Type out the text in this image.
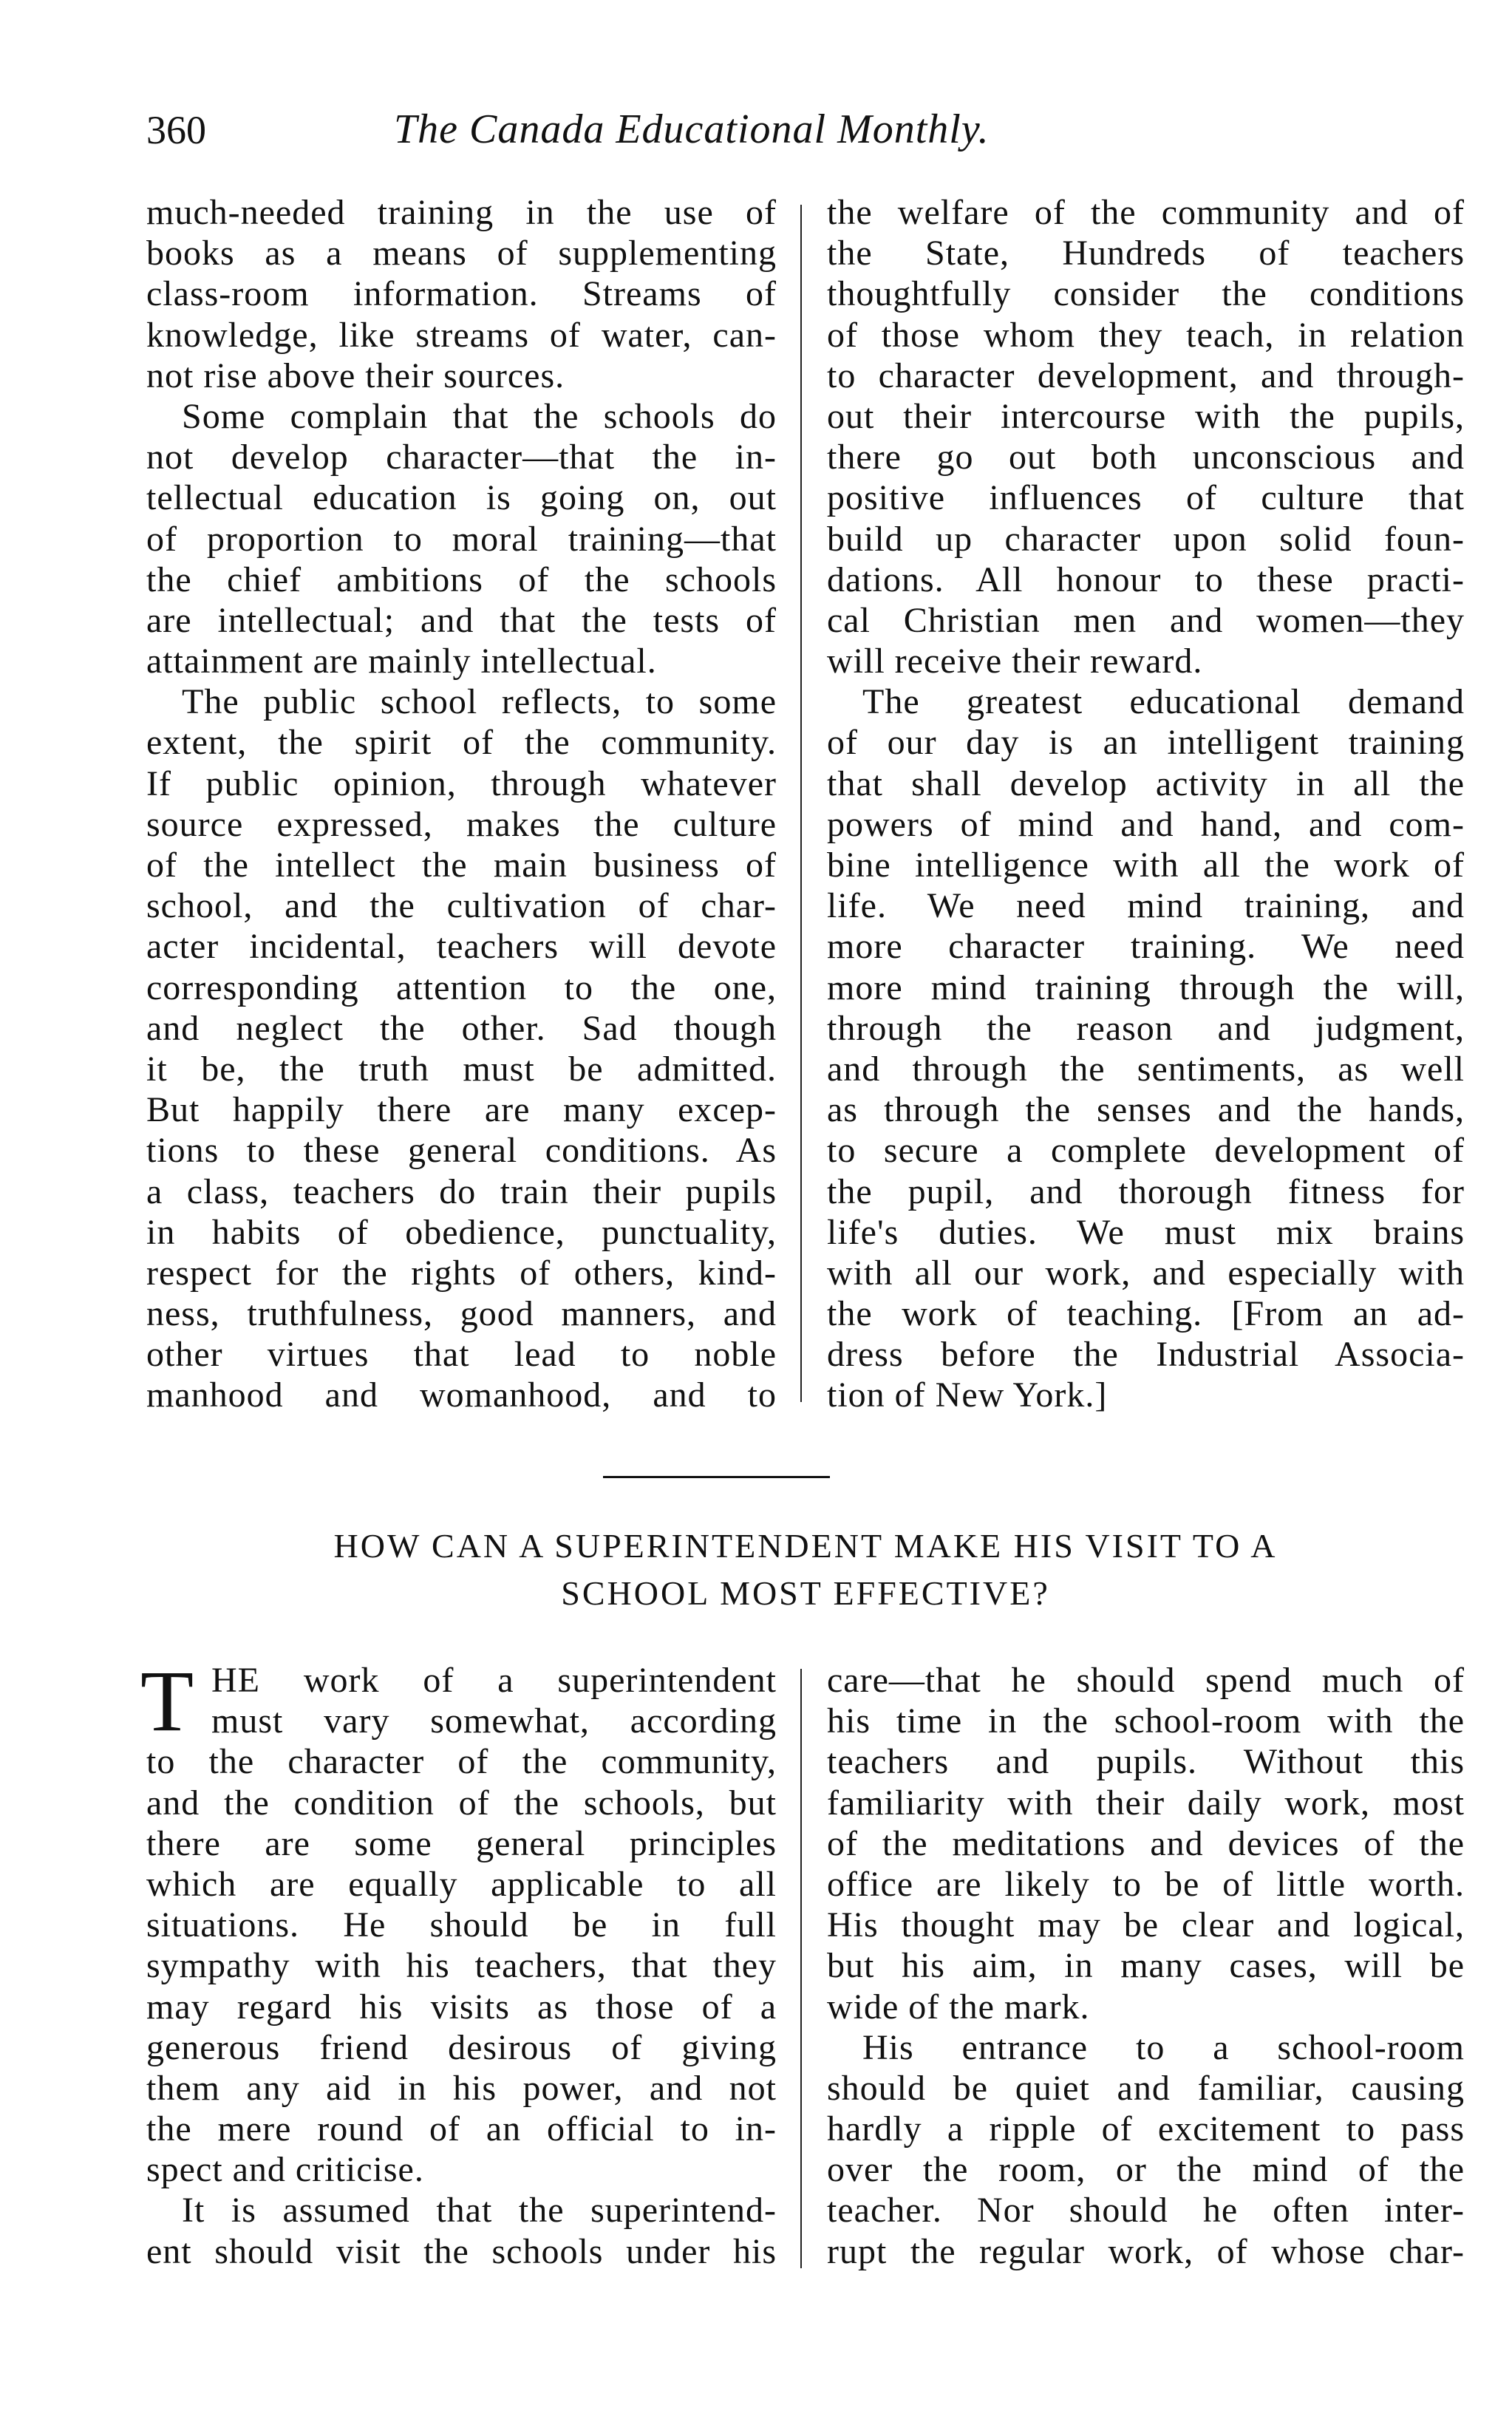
360	The Canada Educational Monthly.
much-needed training in the use of
books as a means of supplementing
class-room information. Streams of
knowledge, like streams of water, can-
not rise above their sources.
Some complain that the schools do
not develop character—that the in-
tellectual education is going on, out
of proportion to moral training—that
the chief ambitions of the schools
are intellectual; and that the tests of
attainment are mainly intellectual.
The public school reflects, to some
extent, the spirit of the community.
If public opinion, through whatever
source expressed, makes the culture
of the intellect the main business of
school, and the cultivation of char-
acter incidental, teachers will devote
corresponding attention to the one,
and neglect the other. Sad though
it be, the truth must be admitted.
But happily there are many excep-
tions to these general conditions. As
a class, teachers do train their pupils
in habits of obedience, punctuality,
respect for the rights of others, kind-
ness, truthfulness, good manners, and
other virtues that lead to noble
manhood and womanhood, and to
the welfare of the community and of
the State, Hundreds of teachers
thoughtfully consider the conditions
of those whom they teach, in relation
to character development, and through-
out their intercourse with the pupils,
there go out both unconscious and
positive influences of culture that
build up character upon solid foun-
dations. All honour to these practi-
cal Christian men and women—they
will receive their reward.
The greatest educational demand
of our day is an intelligent training
that shall develop activity in all the
powers of mind and hand, and com-
bine intelligence with all the work of
life. We need mind training, and
more character training. We need
more mind training through the will,
through the reason and judgment,
and through the sentiments, as well
as through the senses and the hands,
to secure a complete development of
the pupil, and thorough fitness for
life's duties. We must mix brains
with all our work, and especially with
the work of teaching. [From an ad-
dress before the Industrial Associa-
tion of New York.]
HOW CAN A SUPERINTENDENT MAKE HIS VISIT TO A
SCHOOL MOST EFFECTIVE?
T HE work of a superintendent
must vary somewhat, according
to the character of the community,
and the condition of the schools, but
there are some general principles
which are equally applicable to all
situations. He should be in full
sympathy with his teachers, that they
may regard his visits as those of a
generous friend desirous of giving
them any aid in his power, and not
the mere round of an official to in-
spect and criticise.
It is assumed that the superintend-
ent should visit the schools under his
care—that he should spend much of
his time in the school-room with the
teachers and pupils. Without this
familiarity with their daily work, most
of the meditations and devices of the
office are likely to be of little worth.
His thought may be clear and logical,
but his aim, in many cases, will be
wide of the mark.
His entrance to a school-room
should be quiet and familiar, causing
hardly a ripple of excitement to pass
over the room, or the mind of the
teacher. Nor should he often inter-
rupt the regular work, of whose char-
